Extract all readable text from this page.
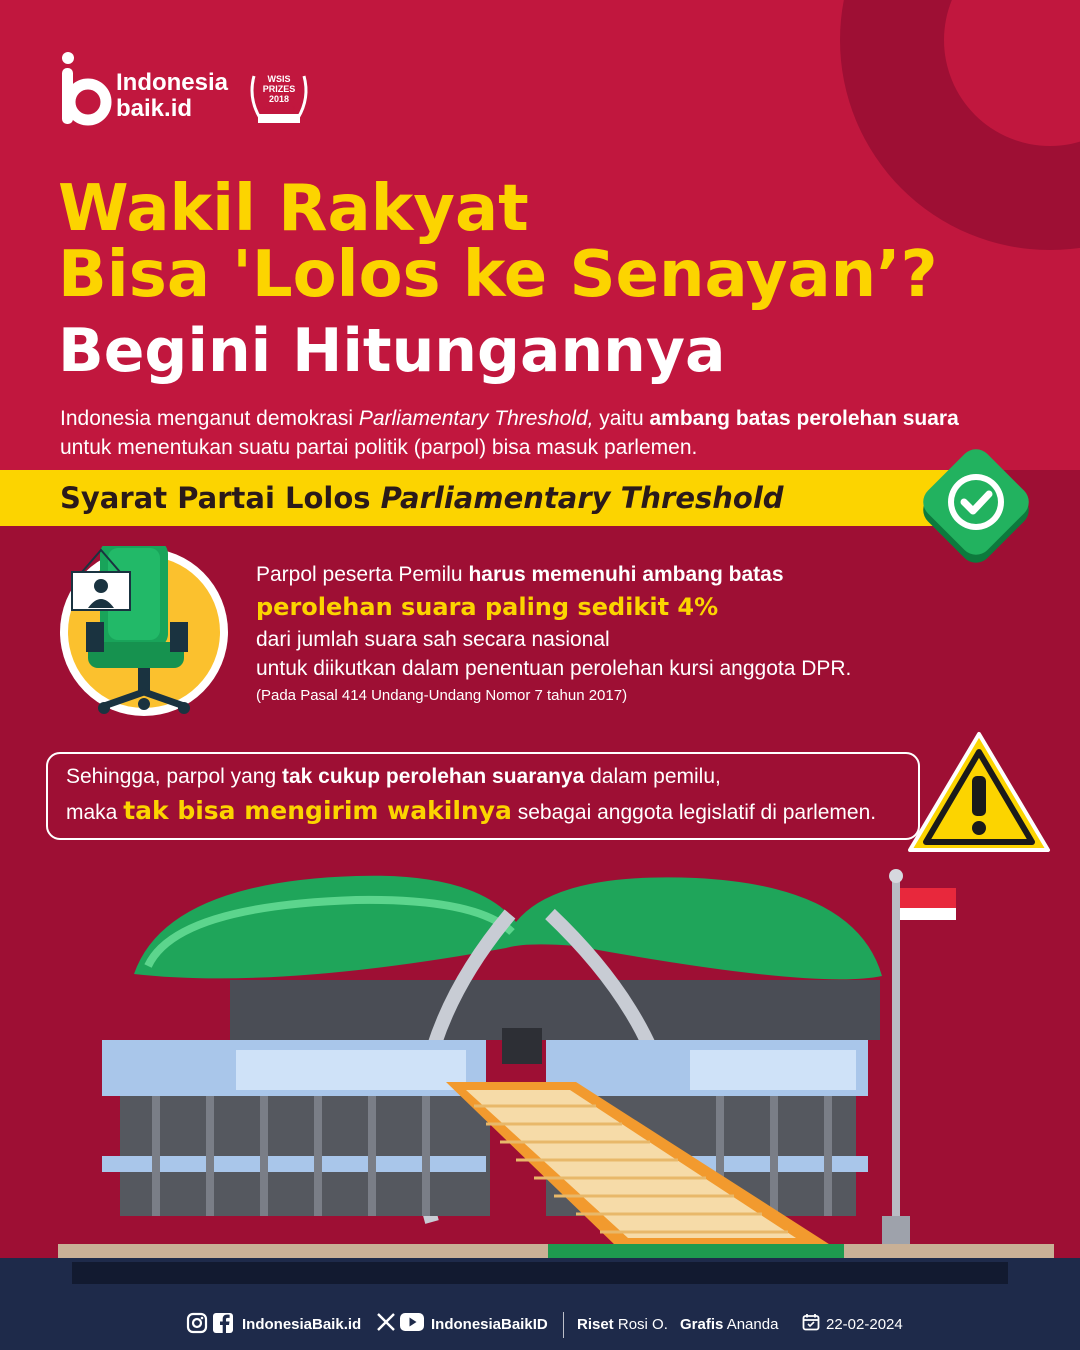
Indonesia
baik.id
WSIS
PRIZES
2018
WINNER
Wakil Rakyat
Bisa 'Lolos ke Senayan’?
Begini Hitungannya
Indonesia menganut demokrasi Parliamentary Threshold, yaitu ambang batas perolehan suara
untuk menentukan suatu partai politik (parpol) bisa masuk parlemen.
Syarat Partai Lolos Parliamentary Threshold
Parpol peserta Pemilu harus memenuhi ambang batas
perolehan suara paling sedikit 4%
dari jumlah suara sah secara nasional
untuk diikutkan dalam penentuan perolehan kursi anggota DPR.
(Pada Pasal 414 Undang-Undang Nomor 7 tahun 2017)
Sehingga, parpol yang tak cukup perolehan suaranya dalam pemilu,
maka tak bisa mengirim wakilnya sebagai anggota legislatif di parlemen.
IndonesiaBaik.id	IndonesiaBaikID Riset Rosi O. Grafis Ananda	22-02-2024
